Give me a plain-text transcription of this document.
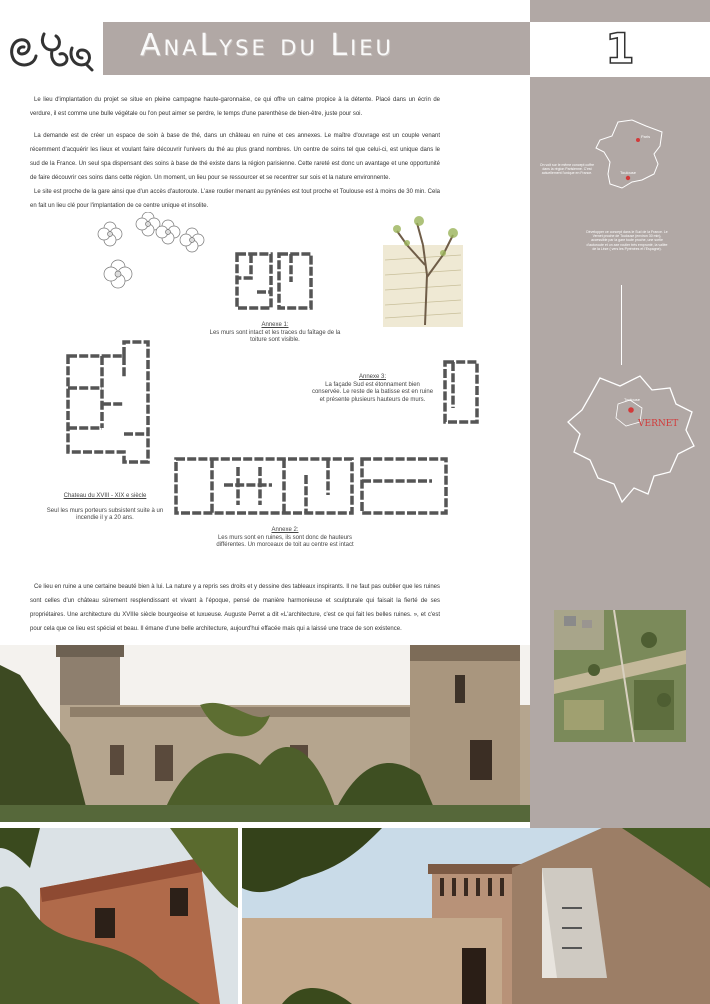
1
AnaLyse du Lieu

Le lieu d'implantation du projet se situe en pleine campagne haute-garonnaise, ce qui offre un calme propice à la détente. Placé dans un écrin de verdure, il est comme une bulle végétale ou l'on peut aimer se perdre, le temps d'une parenthèse de bien-être, juste pour soi.

La demande est de créer un espace de soin à base de thé, dans un château en ruine et ces annexes. Le maître d'ouvrage est un couple venant récemment d'acquérir les lieux et voulant faire découvrir l'univers du thé au plus grand nombres. Un centre de soins tel que celui-ci, est unique dans le sud de la France. Un seul spa dispensant des soins à base de thé existe dans la région parisienne. Cette rareté est donc un avantage et une opportunité de faire découvrir ces soins dans cette région. Un moment, un lieu pour se ressourcer et se recentrer sur sois et la nature environnente.

Le site est proche de la gare ainsi que d'un accès d'autoroute. L'axe routier menant au pyrénées est tout proche et Toulouse est à moins de 30 min. Cela en fait un lieu clé pour l'implantation de ce centre unique et insolite.

Annexe 1:

Les murs sont intact et les traces du faîtage de la toiture sont visible.

Annexe 3:

La façade Sud est étonnament bien conservée. Le reste de la batisse est en ruine et présente plusieurs hauteurs de murs.

Chateau du XVIII - XIX e siècle

Seul les murs porteurs subsistent suite à un incendie il y a 20 ans.

Annexe 2:

Les murs sont en ruines, ils sont donc de hauteurs différentes. Un morceaux de toit au centre est intact

Ce lieu en ruine a une certaine beauté bien à lui. La nature y a repris ses droits et y dessine des tableaux inspirants. Il ne faut pas oublier que les ruines sont celles d'un château sûrement resplendissant et vivant à l'époque, pensé de manière harmonieuse et sculpturale qui faisait la fierté de ses propriétaires. Une architecture du XVIIIe siècle bourgeoise et luxueuse. Auguste Perret a dit «L'architecture, c'est ce qui fait les belles ruines. », et c'est pour cela que ce lieu est spécial et beau. Il émane d'une belle architecture, aujourd'hui effacée mais qui a laissé une trace de son existence.

Paris
Toulouse
On voit sur le même concept coffre dans la région Parisienne. C'est actuellement l'unique en France.
Développer ce concept dans le Sud de la France. Le Vernet proche de Toulouse (environ 30 min), accessible par la gare toute proche, une sortie d'autoroute et un axe routier très emprunté, la vallée de la Lèze ( vers les Pyrénées et l'Espagne).
Toulouse
VERNET
